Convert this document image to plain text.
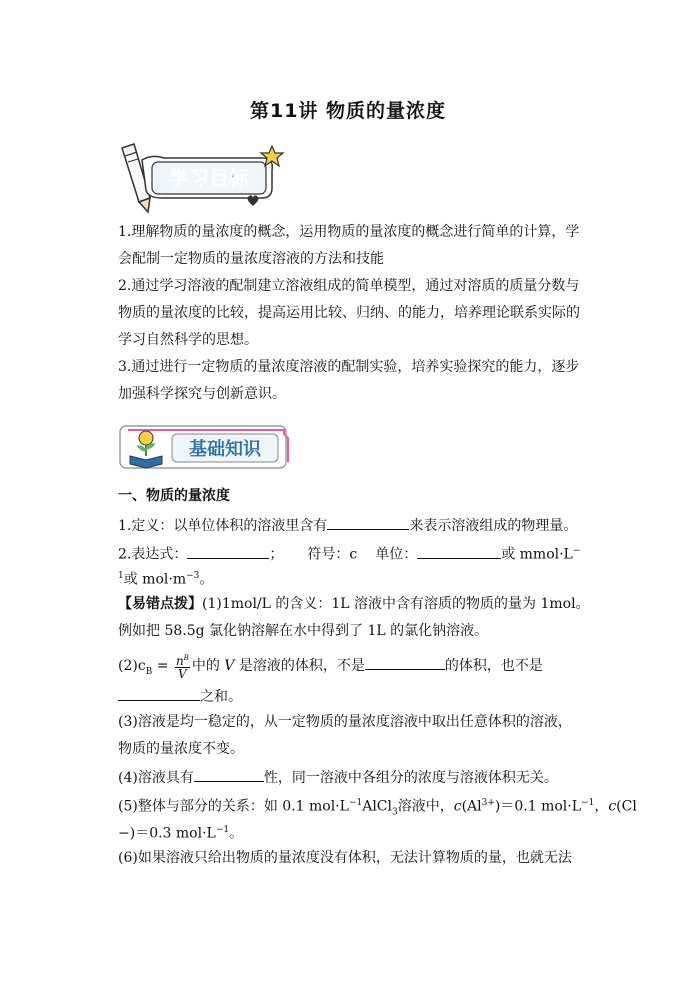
第11讲 物质的量浓度
学习目标
1.理解物质的量浓度的概念，运用物质的量浓度的概念进行简单的计算，学
会配制一定物质的量浓度溶液的方法和技能
2.通过学习溶液的配制建立溶液组成的简单模型，通过对溶质的质量分数与
物质的量浓度的比较，提高运用比较、归纳、的能力，培养理论联系实际的
学习自然科学的思想。
3.通过进行一定物质的量浓度溶液的配制实验，培养实验探究的能力，逐步
加强科学探究与创新意识。
基础知识
一、物质的量浓度
1.定义：以单位体积的溶液里含有	来表示溶液组成的物理量。
2.表达式：	； 符号：c 单位：	或 mmol·L−
$^1$或 $mol\cdot m^{-3}$。
【易错点拨】(1)1mol/L 的含义：1L 溶液中含有溶质的物质的量为 1mol。
例如把 58.5g 氯化钠溶解在水中得到了 1L 的氯化钠溶液。
$(2)c_B = \frac{n^B}{V}$ 中的 V 是溶液的体积，不是	的体积，也不是
之和。
(3)溶液是均一稳定的，从一定物质的量浓度溶液中取出任意体积的溶液，
物质的量浓度不变。
(4)溶液具有	性，同一溶液中各组分的浓度与溶液体积无关。
(5)整体与部分的关系：如 0.1 $mol\cdot L^{-1}AlCl_3$溶液中，$c(Al^{3+})=0.1$ $mol\cdot L^{-1}$，c(Cl
−)＝0.3 $mol\cdot L^{-1}$。
(6)如果溶液只给出物质的量浓度没有体积，无法计算物质的量，也就无法
